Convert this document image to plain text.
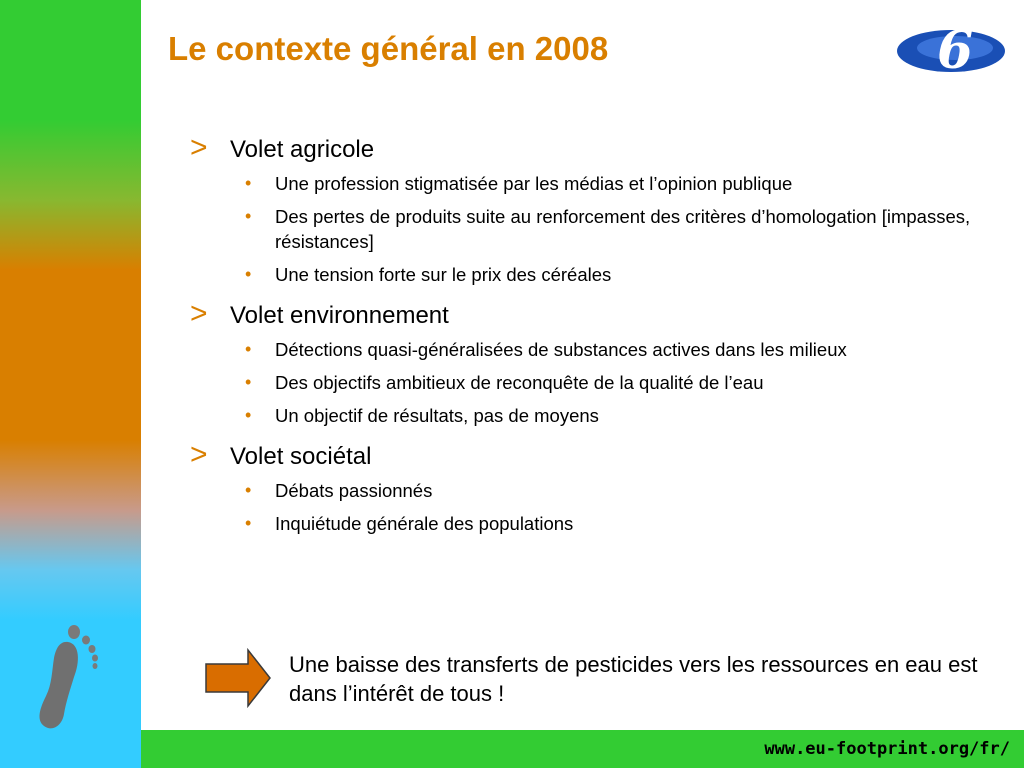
www.eu-footprint.org/fr/
Le contexte général en 2008	6
> Volet agricole
• Une profession stigmatisée par les médias et l’opinion publique
• Des pertes de produits suite au renforcement des critères d’homologation [impasses, résistances]
• Une tension forte sur le prix des céréales
> Volet environnement
• Détections quasi-généralisées de substances actives dans les milieux
• Des objectifs ambitieux de reconquête de la qualité de l’eau
• Un objectif de résultats, pas de moyens
> Volet sociétal
• Débats passionnés
• Inquiétude générale des populations
Une baisse des transferts de pesticides vers les ressources en eau est dans l’intérêt de tous !
